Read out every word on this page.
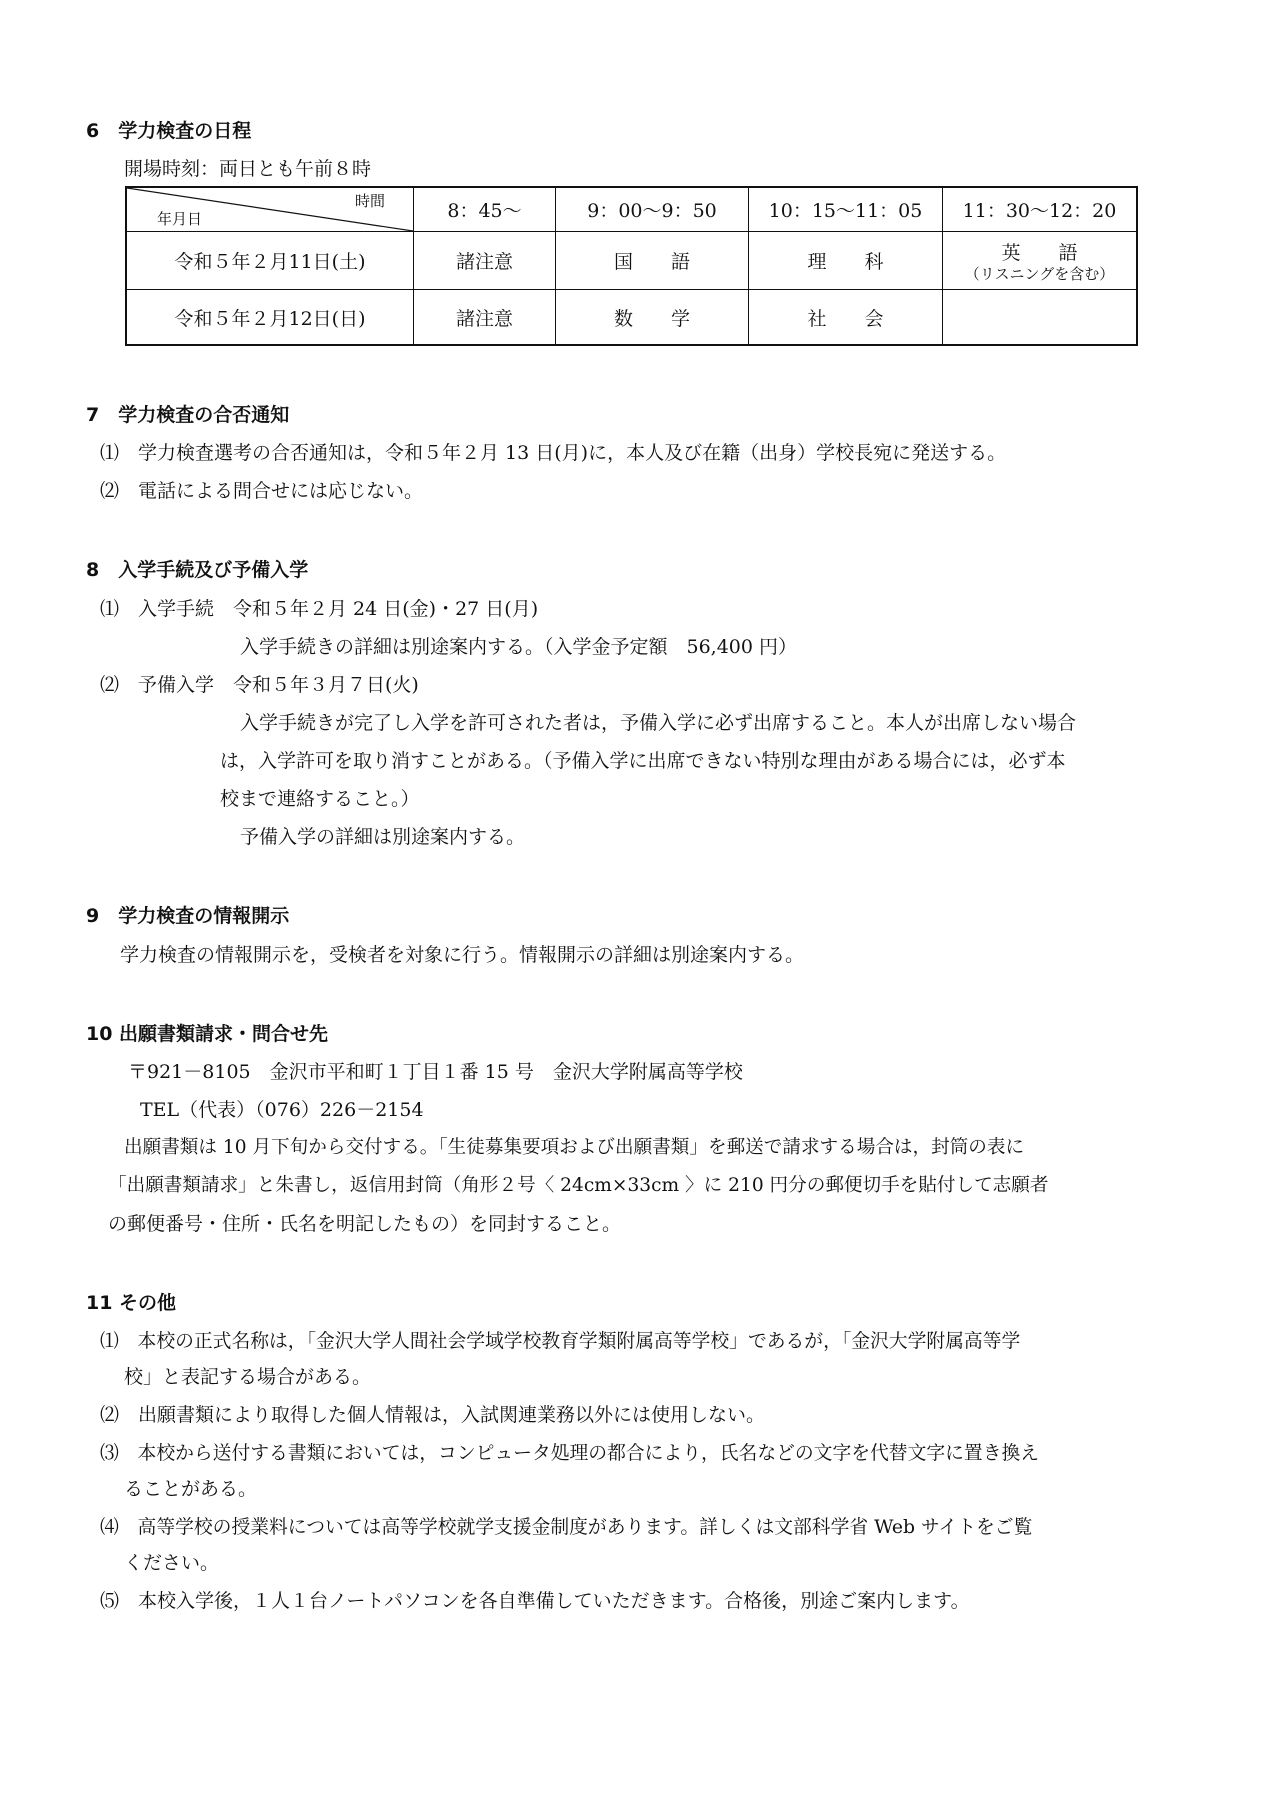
6　学力検査の日程
開場時刻：両日とも午前８時
年月日
時間	8：45～	9：00～9：50	10：15～11：05	11：30～12：20
令和５年２月11日(土)	諸注意	国　　語	理　　科	英　　語
（リスニングを含む）

令和５年２月12日(日)	諸注意	数　　学	社　　会	
7　学力検査の合否通知
⑴　学力検査選考の合否通知は，令和５年２月 13 日(月)に，本人及び在籍（出身）学校長宛に発送する。
⑵　電話による問合せには応じない。
8　入学手続及び予備入学
⑴　入学手続　令和５年２月 24 日(金)・27 日(月)
入学手続きの詳細は別途案内する。（入学金予定額　56,400 円）
⑵　予備入学　令和５年３月７日(火)
入学手続きが完了し入学を許可された者は，予備入学に必ず出席すること。本人が出席しない場合
は，入学許可を取り消すことがある。（予備入学に出席できない特別な理由がある場合には，必ず本
校まで連絡すること。）
予備入学の詳細は別途案内する。
9　学力検査の情報開示
学力検査の情報開示を，受検者を対象に行う。情報開示の詳細は別途案内する。
10 出願書類請求・問合せ先
〒921－8105　金沢市平和町１丁目１番 15 号　金沢大学附属高等学校
TEL（代表）（076）226－2154
出願書類は 10 月下旬から交付する。「生徒募集要項および出願書類」を郵送で請求する場合は，封筒の表に
「出願書類請求」と朱書し，返信用封筒（角形２号〈 24cm×33cm 〉に 210 円分の郵便切手を貼付して志願者
の郵便番号・住所・氏名を明記したもの）を同封すること。
11 その他
⑴　本校の正式名称は，「金沢大学人間社会学域学校教育学類附属高等学校」であるが，「金沢大学附属高等学
校」と表記する場合がある。
⑵　出願書類により取得した個人情報は，入試関連業務以外には使用しない。
⑶　本校から送付する書類においては，コンピュータ処理の都合により，氏名などの文字を代替文字に置き換え
ることがある。
⑷　高等学校の授業料については高等学校就学支援金制度があります。詳しくは文部科学省 Web サイトをご覧
ください。
⑸　本校入学後，１人１台ノートパソコンを各自準備していただきます。合格後，別途ご案内します。
